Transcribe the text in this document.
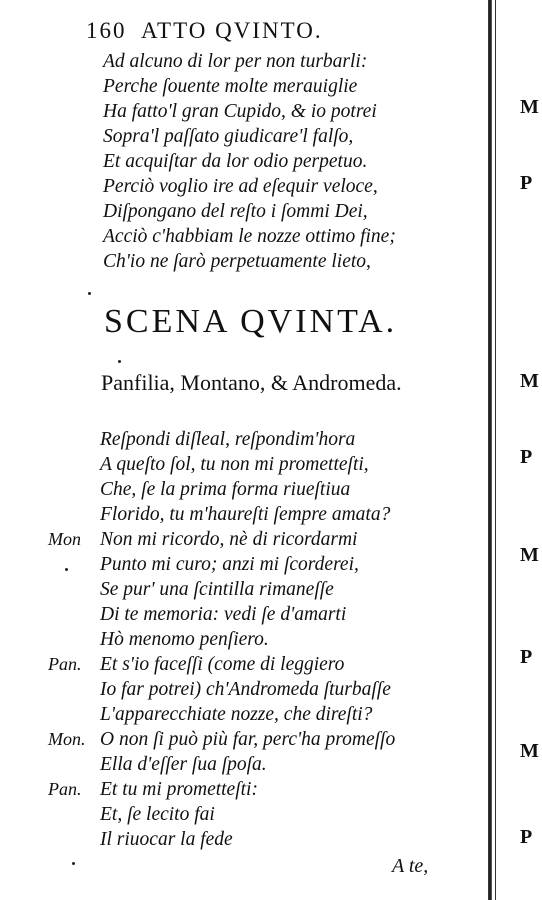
160 ATTO QVINTO.
Ad alcuno di lor per non turbarli:
Perche ſouente molte merauiglie
Ha fatto'l gran Cupido, & io potrei
Sopra'l paſſato giudicare'l falſo,
Et acquiſtar da lor odio perpetuo.
Perciò voglio ire ad eſequir veloce,
Diſpongano del reſto i ſommi Dei,
Acciò c'habbiam le nozze ottimo fine;
Ch'io ne ſarò perpetuamente lieto,
SCENA QVINTA.
Panfilia, Montano, & Andromeda.
Reſpondi diſleal, reſpondim'hora
A queſto ſol, tu non mi prometteſti,
Che, ſe la prima forma riueſtiua
Florido, tu m'haureſti ſempre amata?
Mon Non mi ricordo, nè di ricordarmi
Punto mi curo; anzi mi ſcorderei,
Se pur' una ſcintilla rimaneſſe
Di te memoria: vedi ſe d'amarti
Hò menomo penſiero.
Pan. Et s'io faceſſi (come di leggiero
Io far potrei) ch'Andromeda ſturbaſſe
L'apparecchiate nozze, che direſti?
Mon. O non ſi può più far, perc'ha promeſſo
Ella d'eſſer ſua ſpoſa.
Pan. Et tu mi prometteſti:
Et, ſe lecito fai
Il riuocar la fede
A te,
M
P
M
P
M
P
M
P
